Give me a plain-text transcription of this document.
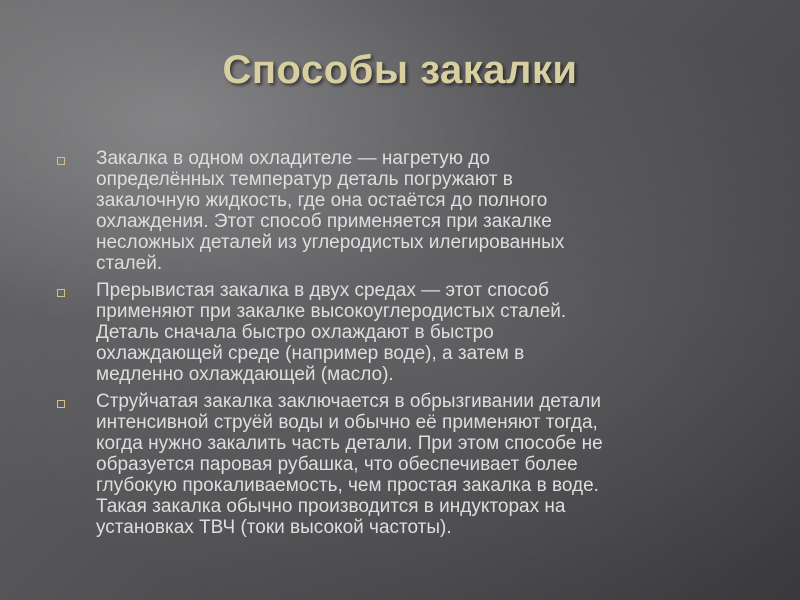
Способы закалки
Закалка в одном охладителе — нагретую до
определённых температур деталь погружают в
закалочную жидкость, где она остаётся до полного
охлаждения. Этот способ применяется при закалке
несложных деталей из углеродистых илегированных
сталей.
Прерывистая закалка в двух средах — этот способ
применяют при закалке высокоуглеродистых сталей.
Деталь сначала быстро охлаждают в быстро
охлаждающей среде (например воде), а затем в
медленно охлаждающей (масло).
Струйчатая закалка заключается в обрызгивании детали
интенсивной струёй воды и обычно её применяют тогда,
когда нужно закалить часть детали. При этом способе не
образуется паровая рубашка, что обеспечивает более
глубокую прокаливаемость, чем простая закалка в воде.
Такая закалка обычно производится в индукторах на
установках ТВЧ (токи высокой частоты).
